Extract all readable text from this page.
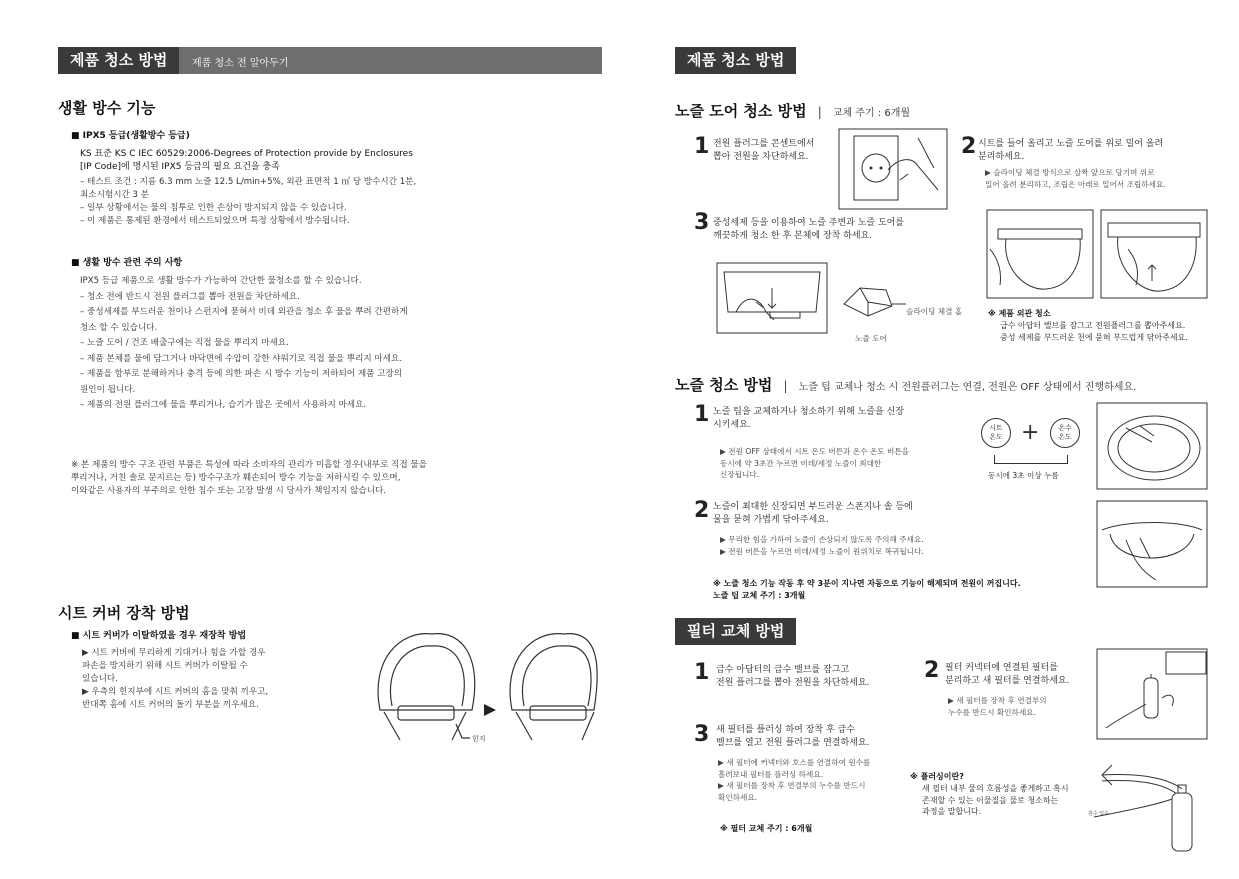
제품 청소 방법	제품 청소 전 알아두기
생활 방수 기능
■ IPX5 등급(생활방수 등급)
KS 표준 KS C IEC 60529:2006-Degrees of Protection provide by Enclosures
[IP Code]에 명시된 IPX5 등급의 필요 요건을 충족
– 테스트 조건 : 지름 6.3 mm 노즐 12.5 L/min+5%, 외관 표면적 1 ㎡ 당 방수시간 1분,
최소시험시간 3 분
– 일부 상황에서는 물의 침투로 인한 손상이 방지되지 않을 수 있습니다.
– 이 제품은 통제된 환경에서 테스트되었으며 특정 상황에서 방수됩니다.
■ 생활 방수 관련 주의 사항
IPX5 등급 제품으로 생활 방수가 가능하여 간단한 물청소를 할 수 있습니다.
– 청소 전에 반드시 전원 플러그를 뽑아 전원을 차단하세요.
– 중성세제를 부드러운 천이나 스펀지에 묻혀서 비데 외관을 청소 후 물을 뿌려 간편하게
청소 할 수 있습니다.
– 노즐 도어 / 건조 배출구에는 직접 물을 뿌리지 마세요.
– 제품 본체를 물에 담그거나 바닥면에 수압이 강한 샤워기로 직접 물을 뿌리지 마세요.
– 제품을 함부로 분해하거나 충격 등에 의한 파손 시 방수 기능이 저하되어 제품 고장의
원인이 됩니다.
– 제품의 전원 플러그에 물을 뿌리거나, 습기가 많은 곳에서 사용하지 마세요.
※ 본 제품의 방수 구조 관련 부품은 특성에 따라 소비자의 관리가 미흡할 경우(내부로 직접 물을
뿌리거나, 거친 솔로 문지르는 등) 방수구조가 훼손되어 방수 기능을 저하시킬 수 있으며,
이와같은 사용자의 부주의로 인한 침수 또는 고장 발생 시 당사가 책임지지 않습니다.
시트 커버 장착 방법
■ 시트 커버가 이탈하였을 경우 재장착 방법
▶ 시트 커버에 무리하게 기대거나 힘을 가할 경우
파손을 방지하기 위해 시트 커버가 이탈될 수
있습니다.
▶ 우측의 힌지부에 시트 커버의 홈을 맞춰 끼우고,
반대쪽 홈에 시트 커버의 돌기 부분을 끼우세요.
힌지
제품 청소 방법
노즐 도어 청소 방법 | 교체 주기 : 6개월
1 전원 플러그를 콘센트에서
뽑아 전원을 차단하세요.	2 시트를 들어 올리고 노즐 도어를 위로 밀어 올려
분리하세요.
▶ 슬라이딩 체결 방식으로 살짝 앞으로 당기며 위로
밀어 올려 분리하고, 조립은 아래로 밀어서 조립하세요.
3 중성세제 등을 이용하여 노즐 주변과 노즐 도어를
깨끗하게 청소 한 후 본체에 장착 하세요.
슬라이딩 체결 홈
노즐 도어
※ 제품 외관 청소
급수 아답터 밸브를 잠그고 전원플러그를 뽑아주세요.
중성 세제를 부드러운 천에 묻혀 부드럽게 닦아주세요.
노즐 청소 방법 | 노즐 팁 교체나 청소 시 전원플러그는 연결, 전원은 OFF 상태에서 진행하세요.
1 노즐 팁을 교체하거나 청소하기 위해 노즐을 신장
시키세요.
▶ 전원 OFF 상태에서 시트 온도 버튼과 온수 온도 버튼을
동시에 약 3초간 누르면 비데/세정 노즐이 최대한
신장됩니다.
시트
온도 +	온수
온도
동시에 3초 이상 누름
2 노즐이 최대한 신장되면 부드러운 스폰지나 솔 등에
물을 묻혀 가볍게 닦아주세요.
▶ 무리한 힘을 가하여 노즐이 손상되지 않도록 주의해 주세요.
▶ 전원 버튼을 누르면 비데/세정 노즐이 원위치로 복귀됩니다.
※ 노즐 청소 기능 작동 후 약 3분이 지나면 자동으로 기능이 해제되며 전원이 꺼집니다.
노즐 팁 교체 주기 : 3개월
필터 교체 방법
1 급수 아답터의 급수 밸브를 잠그고
전원 플러그를 뽑아 전원을 차단하세요. 2 필터 커넥터에 연결된 필터를
분리하고 새 필터를 연결하세요.
▶ 새 필터를 장착 후 연결부의
누수를 반드시 확인하세요.
3 새 필터를 플러싱 하여 장착 후 급수
밸브를 열고 전원 플러그를 연결하세요.
▶ 새 필터에 커넥터와 호스를 연결하여 원수를
흘려보내 필터를 플러싱 하세요.
▶ 새 필터를 장착 후 연결부의 누수를 반드시
확인하세요.
※ 필터 교체 주기 : 6개월
※ 플러싱이란?
새 필터 내부 물의 흐름성을 좋게하고 혹시
존재할 수 있는 이물질을 물로 청소하는
과정을 말합니다.	원수 입수
